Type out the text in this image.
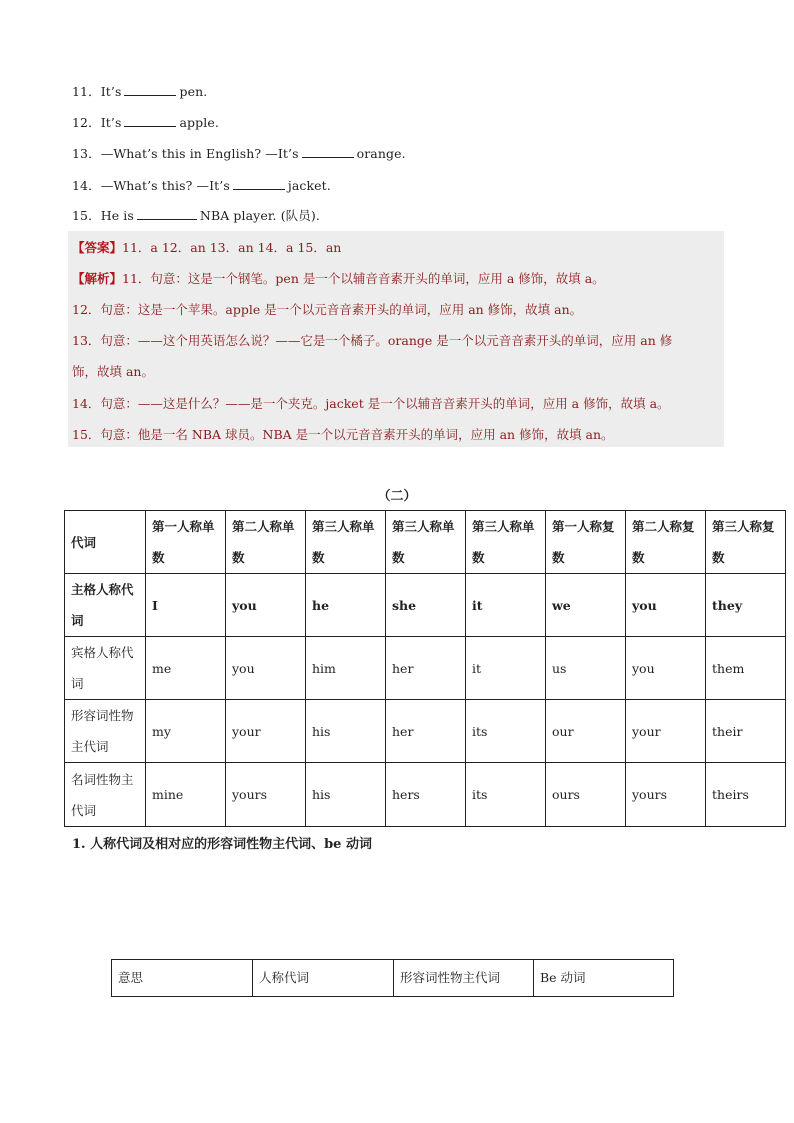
11．It’s	pen.
12．It’s	apple.
13．—What’s this in English? —It’s	orange.
14．—What’s this? —It’s	jacket.
15．He is	NBA player. (队员).
【答案】11．a 12．an 13．an 14．a 15．an
【解析】11．句意：这是一个钢笔。pen 是一个以辅音音素开头的单词，应用 a 修饰，故填 a。
12．句意：这是一个苹果。apple 是一个以元音音素开头的单词，应用 an 修饰，故填 an。
13．句意：——这个用英语怎么说？——它是一个橘子。orange 是一个以元音音素开头的单词，应用 an 修
饰，故填 an。
14．句意：——这是什么？——是一个夹克。jacket 是一个以辅音音素开头的单词，应用 a 修饰，故填 a。
15．句意：他是一名 NBA 球员。NBA 是一个以元音音素开头的单词，应用 an 修饰，故填 an。
（二）
代词	第一人称单数	第二人称单数	第三人称单数	第三人称单数	第三人称单数	第一人称复数	第二人称复数	第三人称复数
主格人称代词	I	you	he	she	it	we	you	they
宾格人称代词	me	you	him	her	it	us	you	them
形容词性物主代词	my	your	his	her	its	our	your	their
名词性物主代词	mine	yours	his	hers	its	ours	yours	theirs
1. 人称代词及相对应的形容词性物主代词、be 动词
意思	人称代词	形容词性物主代词	Be 动词
